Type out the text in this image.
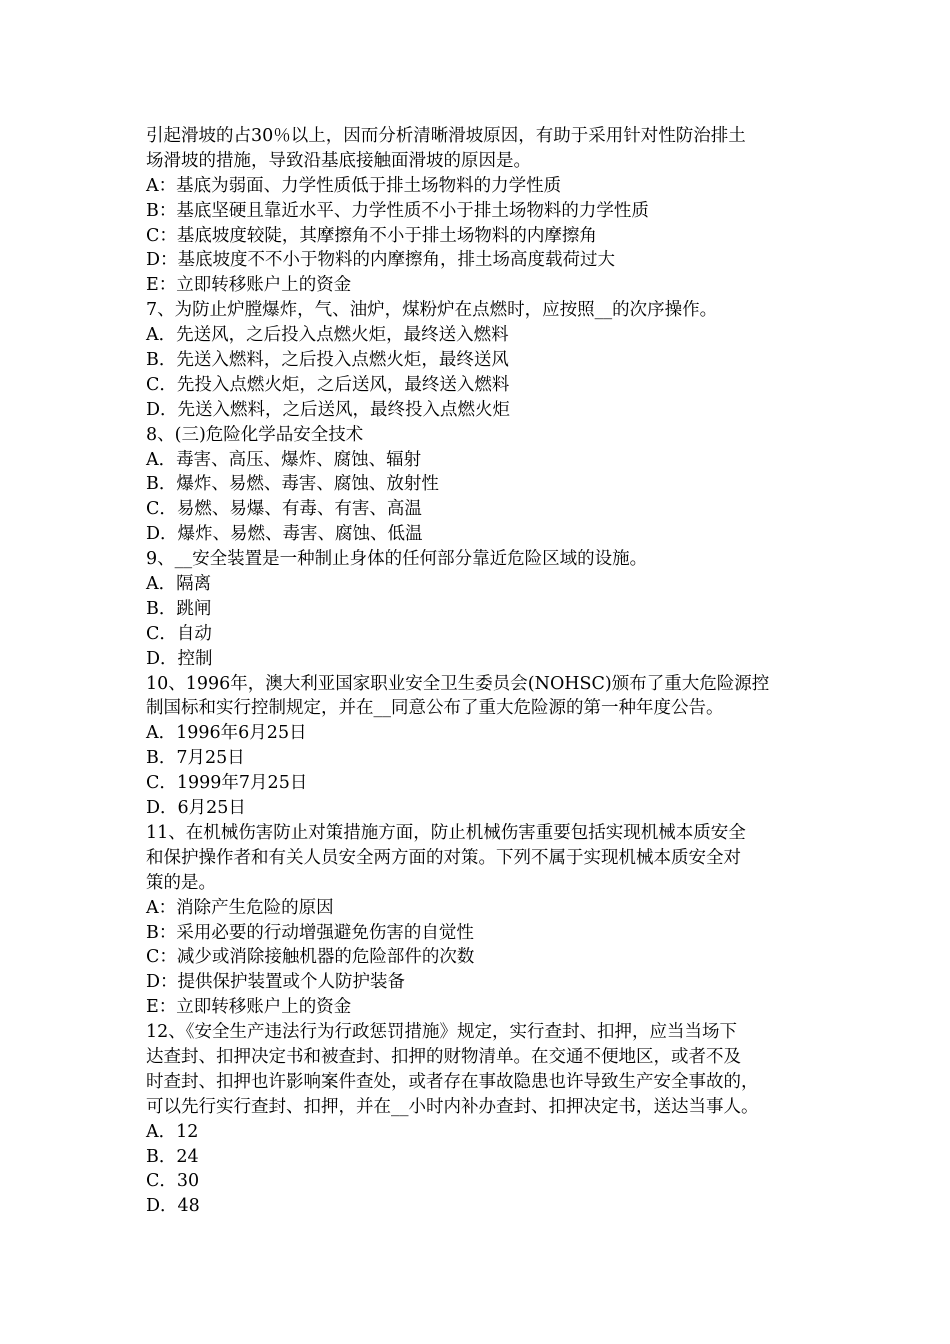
引起滑坡的占30％以上，因而分析清晰滑坡原因，有助于采用针对性防治排土
场滑坡的措施，导致沿基底接触面滑坡的原因是。
A：基底为弱面、力学性质低于排土场物料的力学性质
B：基底坚硬且靠近水平、力学性质不小于排土场物料的力学性质
C：基底坡度较陡，其摩擦角不小于排土场物料的内摩擦角
D：基底坡度不不小于物料的内摩擦角，排土场高度载荷过大
E：立即转移账户上的资金
7、为防止炉膛爆炸，气、油炉，煤粉炉在点燃时，应按照__的次序操作。
A．先送风，之后投入点燃火炬，最终送入燃料
B．先送入燃料，之后投入点燃火炬，最终送风
C．先投入点燃火炬，之后送风，最终送入燃料
D．先送入燃料，之后送风，最终投入点燃火炬
8、(三)危险化学品安全技术
A．毒害、高压、爆炸、腐蚀、辐射
B．爆炸、易燃、毒害、腐蚀、放射性
C．易燃、易爆、有毒、有害、高温
D．爆炸、易燃、毒害、腐蚀、低温
9、__安全装置是一种制止身体的任何部分靠近危险区域的设施。
A．隔离
B．跳闸
C．自动
D．控制
10、1996年，澳大利亚国家职业安全卫生委员会(NOHSC)颁布了重大危险源控
制国标和实行控制规定，并在__同意公布了重大危险源的第一种年度公告。
A．1996年6月25日
B．7月25日
C．1999年7月25日
D．6月25日
11、在机械伤害防止对策措施方面，防止机械伤害重要包括实现机械本质安全
和保护操作者和有关人员安全两方面的对策。下列不属于实现机械本质安全对
策的是。
A：消除产生危险的原因
B：采用必要的行动增强避免伤害的自觉性
C：减少或消除接触机器的危险部件的次数
D：提供保护装置或个人防护装备
E：立即转移账户上的资金
12、《安全生产违法行为行政惩罚措施》规定，实行查封、扣押，应当当场下
达查封、扣押决定书和被查封、扣押的财物清单。在交通不便地区，或者不及
时查封、扣押也许影响案件查处，或者存在事故隐患也许导致生产安全事故的，
可以先行实行查封、扣押，并在__小时内补办查封、扣押决定书，送达当事人。
A．12
B．24
C．30
D．48
